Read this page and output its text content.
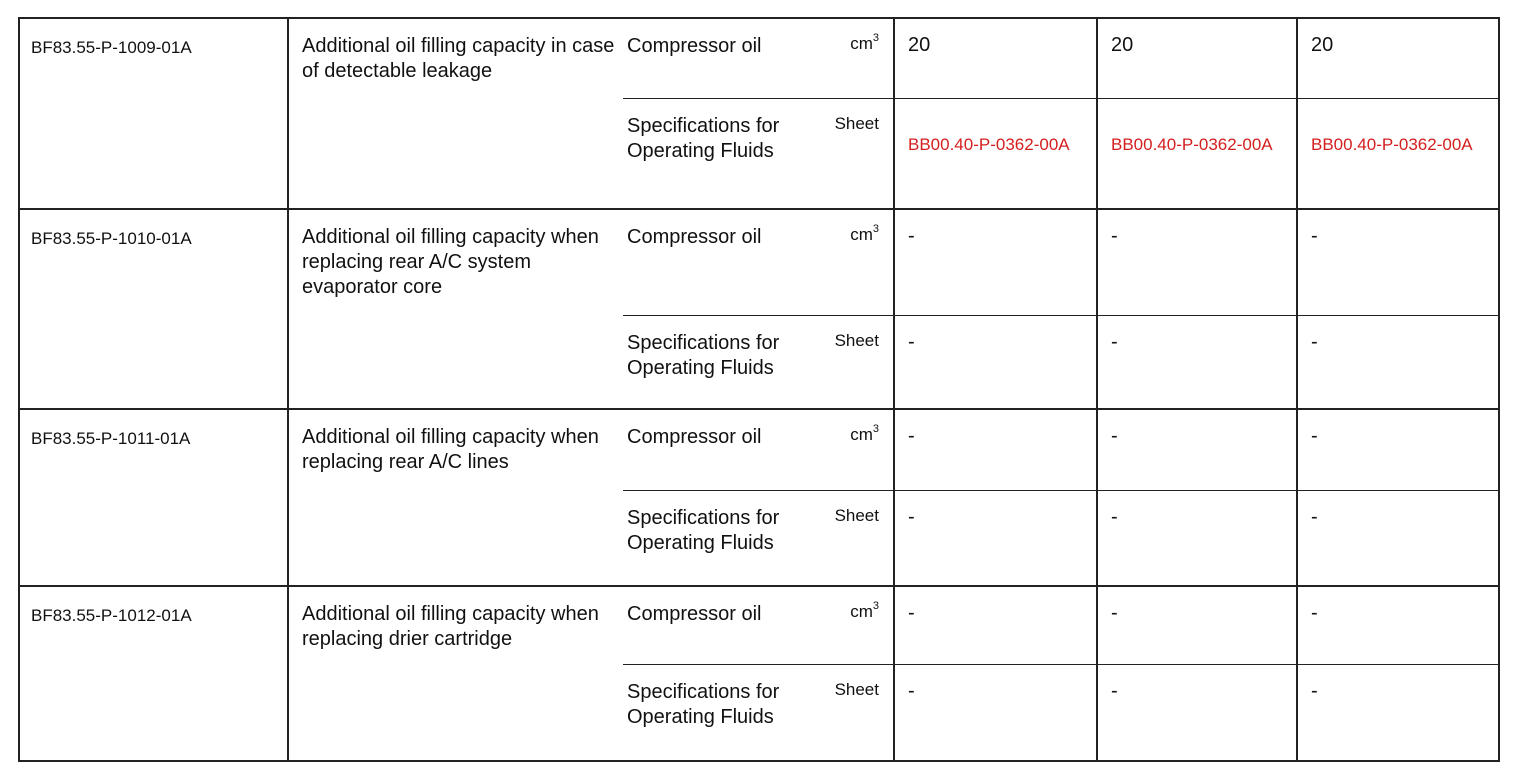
BF83.55-P-1009-01A	Additional oil filling capacity in case of detectable leakage	Compressor oil	$cm^3$	20	20	20
		Specifications for Operating Fluids	Sheet	BB00.40-P-0362-00A	BB00.40-P-0362-00A	BB00.40-P-0362-00A
BF83.55-P-1010-01A	Additional oil filling capacity when replacing rear A/C system evaporator core	Compressor oil	$cm^3$	-	-	-
		Specifications for Operating Fluids	Sheet	-	-	-
BF83.55-P-1011-01A	Additional oil filling capacity when replacing rear A/C lines	Compressor oil	$cm^3$	-	-	-
		Specifications for Operating Fluids	Sheet	-	-	-
BF83.55-P-1012-01A	Additional oil filling capacity when replacing drier cartridge	Compressor oil	$cm^3$	-	-	-
		Specifications for Operating Fluids	Sheet	-	-	-
